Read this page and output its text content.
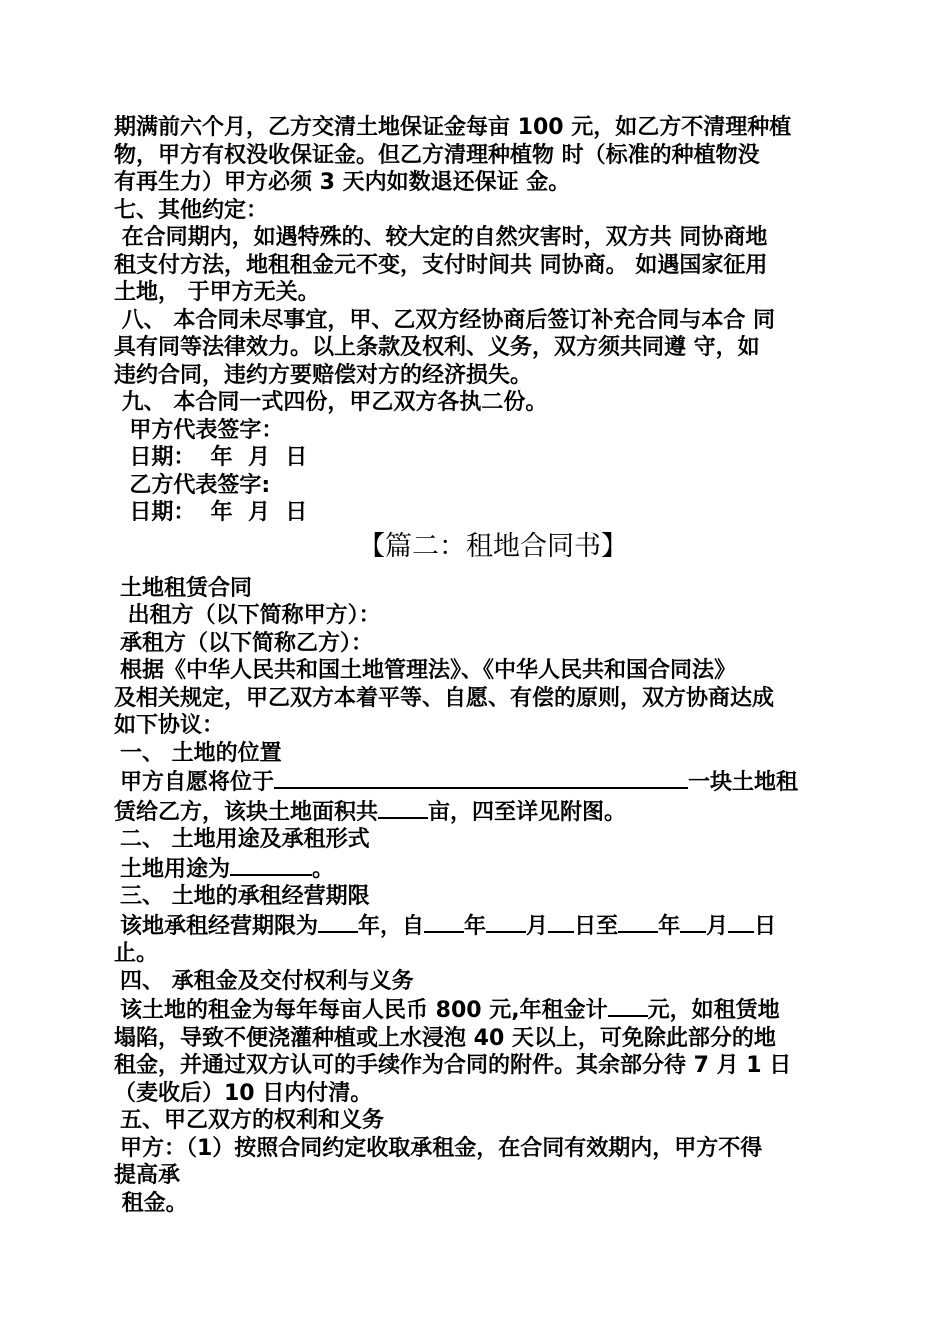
期满前六个月，乙方交清土地保证金每亩 100 元，如乙方不清理种植

物，甲方有权没收保证金。但乙方清理种植物 时（标准的种植物没

有再生力）甲方必须 3 天内如数退还保证 金。

七、其他约定：

在合同期内，如遇特殊的、较大定的自然灾害时，双方共 同协商地

租支付方法，地租租金元不变，支付时间共 同协商。 如遇国家征用

土地， 于甲方无关。

八、 本合同未尽事宜，甲、乙双方经协商后签订补充合同与本合 同

具有同等法律效力。以上条款及权利、义务，双方须共同遵 守，如

违约合同，违约方要赔偿对方的经济损失。

九、 本合同一式四份，甲乙双方各执二份。

甲方代表签字：

日期：  年  月  日

乙方代表签字:

日期：  年  月  日

【篇二：租地合同书】

土地租赁合同

出租方（以下简称甲方）：

承租方（以下简称乙方）：

根据《中华人民共和国土地管理法》、《中华人民共和国合同法》

及相关规定，甲乙双方本着平等、自愿、有偿的原则，双方协商达成

如下协议：

一、 土地的位置

甲方自愿将位于	一块土地租

赁给乙方，该块土地面积共 亩，四至详见附图。

二、 土地用途及承租形式

土地用途为	。

三、 土地的承租经营期限

该地承租经营期限为 年，自 年 月 日至 年 月 日

止。

四、 承租金及交付权利与义务

该土地的租金为每年每亩人民币 800 元,年租金计 元，如租赁地

塌陷，导致不便浇灌种植或上水浸泡 40 天以上，可免除此部分的地

租金，并通过双方认可的手续作为合同的附件。其余部分待 7 月 1 日

（麦收后）10 日内付清。

五、甲乙双方的权利和义务

甲方：（1）按照合同约定收取承租金，在合同有效期内，甲方不得

提高承

租金。
